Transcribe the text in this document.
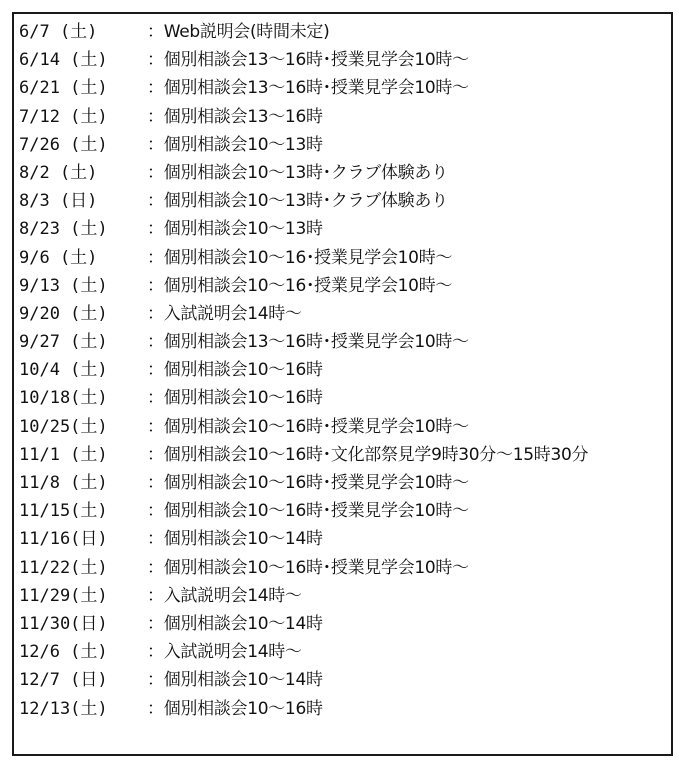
6/7 (土)	：Web説明会(時間未定)
6/14 (土) ：個別相談会13～16時･授業見学会10時～
6/21 (土) ：個別相談会13～16時･授業見学会10時～
7/12 (土) ：個別相談会13～16時
7/26 (土) ：個別相談会10～13時
8/2 (土)	：個別相談会10～13時･クラブ体験あり
8/3 (日)	：個別相談会10～13時･クラブ体験あり
8/23 (土) ：個別相談会10～13時
9/6 (土)	：個別相談会10～16･授業見学会10時～
9/13 (土) ：個別相談会10～16･授業見学会10時～
9/20 (土) ：入試説明会14時～
9/27 (土) ：個別相談会13～16時･授業見学会10時～
10/4 (土) ：個別相談会10～16時
10/18(土) ：個別相談会10～16時
10/25(土) ：個別相談会10～16時･授業見学会10時～
11/1 (土) ：個別相談会10～16時･文化部祭見学9時30分～15時30分
11/8 (土) ：個別相談会10～16時･授業見学会10時～
11/15(土) ：個別相談会10～16時･授業見学会10時～
11/16(日) ：個別相談会10～14時
11/22(土) ：個別相談会10～16時･授業見学会10時～
11/29(土) ：入試説明会14時～
11/30(日) ：個別相談会10～14時
12/6 (土) ：入試説明会14時～
12/7 (日) ：個別相談会10～14時
12/13(土) ：個別相談会10～16時
